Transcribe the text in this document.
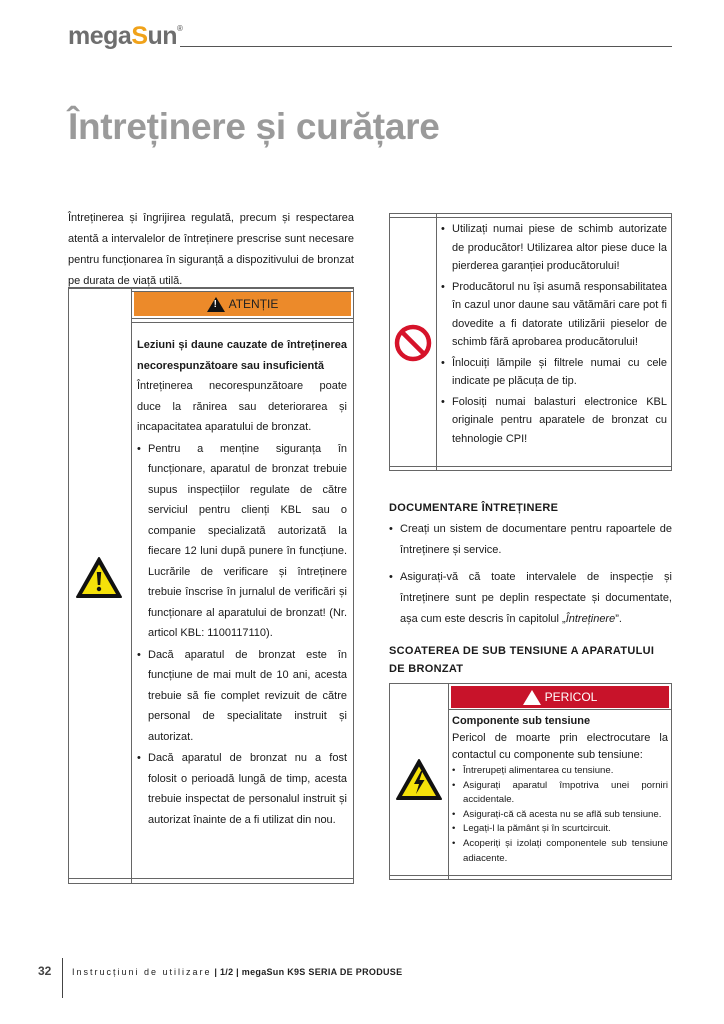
megaSun®
Întreținere și curățare
Întreținerea și îngrijirea regulată, precum și respectarea atentă a intervalelor de întreținere prescrise sunt necesare pentru funcționarea în siguranță a dispozitivului de bronzat pe durata de viață utilă.
!
ATENȚIE
Leziuni și daune cauzate de întreținerea necorespunzătoare sau insuficientă
Întreținerea necorespunzătoare poate duce la rănirea sau deteriorarea și incapacitatea aparatului de bronzat.
• Pentru a menține siguranța în funcționare, aparatul de bronzat trebuie supus inspecțiilor regulate de către serviciul pentru clienți KBL sau o companie specializată autorizată la fiecare 12 luni după punere în funcțiune. Lucrările de verificare și întreținere trebuie înscrise în jurnalul de verificări și funcționare al aparatului de bronzat! (Nr. articol KBL: 1100117110).
• Dacă aparatul de bronzat este în funcțiune de mai mult de 10 ani, acesta trebuie să fie complet revizuit de către personal de specialitate instruit și autorizat.
• Dacă aparatul de bronzat nu a fost folosit o perioadă lungă de timp, acesta trebuie inspectat de personalul instruit și autorizat înainte de a fi utilizat din nou.
• Utilizați numai piese de schimb autorizate de producător! Utilizarea altor piese duce la pierderea garanției producătorului!
• Producătorul nu își asumă responsabilitatea în cazul unor daune sau vătămări care pot fi dovedite a fi datorate utilizării pieselor de schimb fără aprobarea producătorului!
• Înlocuiți lămpile și filtrele numai cu cele indicate pe plăcuța de tip.
• Folosiți numai balasturi electronice KBL originale pentru aparatele de bronzat cu tehnologie CPI!
DOCUMENTARE ÎNTREȚINERE
• Creați un sistem de documentare pentru rapoartele de întreținere și service.
• Asigurați-vă că toate intervalele de inspecție și întreținere sunt pe deplin respectate și documentate, așa cum este descris în capitolul „Întreținere”.
SCOATEREA DE SUB TENSIUNE A APARATULUI DE BRONZAT
!
PERICOL
Componente sub tensiune
Pericol de moarte prin electrocutare la contactul cu componente sub tensiune:
• Întrerupeți alimentarea cu tensiune.
• Asigurați aparatul împotriva unei porniri accidentale.
• Asigurați-că că acesta nu se află sub tensiune.
• Legați-l la pământ și în scurtcircuit.
• Acoperiți și izolați componentele sub tensiune adiacente.
32 Instrucțiuni de utilizare | 1/2 | megaSun K9S SERIA DE PRODUSE
